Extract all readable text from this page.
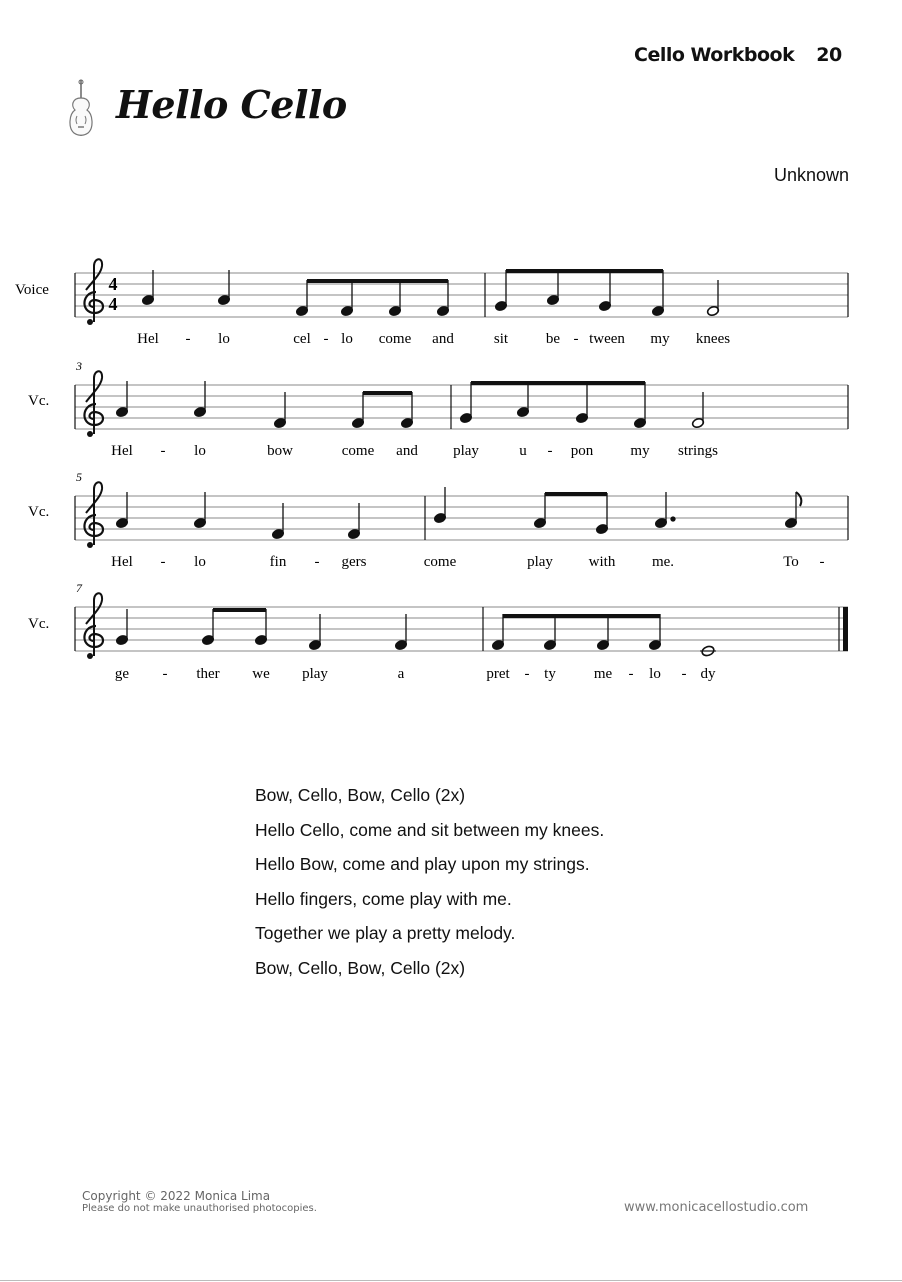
Cello Workbook 20
Hello Cello
Unknown
Voice	4
4
Hel - lo	cel - lo come and	sit	be - tween my knees
3
Vc.
Hel - lo	bow	come and play	u - pon my strings
5
Vc.
Hel - lo	fin - gers	come	play with me.	To -
7
Vc.
ge - ther we play	a	pret - ty	me - lo - dy
Bow, Cello, Bow, Cello (2x)
Hello Cello, come and sit between my knees.
Hello Bow, come and play upon my strings.
Hello fingers, come play with me.
Together we play a pretty melody.
Bow, Cello, Bow, Cello (2x)
Copyright © 2022 Monica Lima
Please do not make unauthorised photocopies.	www.monicacellostudio.com
